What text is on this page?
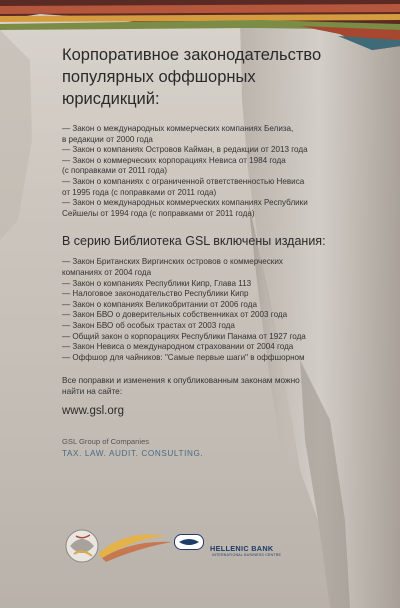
Корпоративное законодательство
популярных оффшорных
юрисдикций:
— Закон о международных коммерческих компаниях Белиза,
в редакции от 2000 года
— Закон о компаниях Островов Кайман, в редакции от 2013 года
— Закон о коммерческих корпорациях Невиса от 1984 года
(с поправками от 2011 года)
— Закон о компаниях с ограниченной ответственностью Невиса
от 1995 года (с поправками от 2011 года)
— Закон о международных коммерческих компаниях Республики
Сейшелы от 1994 года (с поправками от 2011 года)
В серию Библиотека GSL включены издания:
— Закон Британских Виргинских островов о коммерческих
компаниях от 2004 года
— Закон о компаниях Республики Кипр, Глава 113
— Налоговое законодательство Республики Кипр
— Закон о компаниях Великобритании от 2006 года
— Закон БВО о доверительных собственниках от 2003 года
— Закон БВО об особых трастах от 2003 года
— Общий закон о корпорациях Республики Панама от 1927 года
— Закон Невиса о международном страховании от 2004 года
— Оффшор для чайников: "Самые первые шаги" в оффшорном
Все поправки и изменения к опубликованным законам можно
найти на сайте:
www.gsl.org
GSL Group of Companies
TAX. LAW. AUDIT. CONSULTING.
HELLENIC BANK
INTERNATIONAL BUSINESS CENTRE
